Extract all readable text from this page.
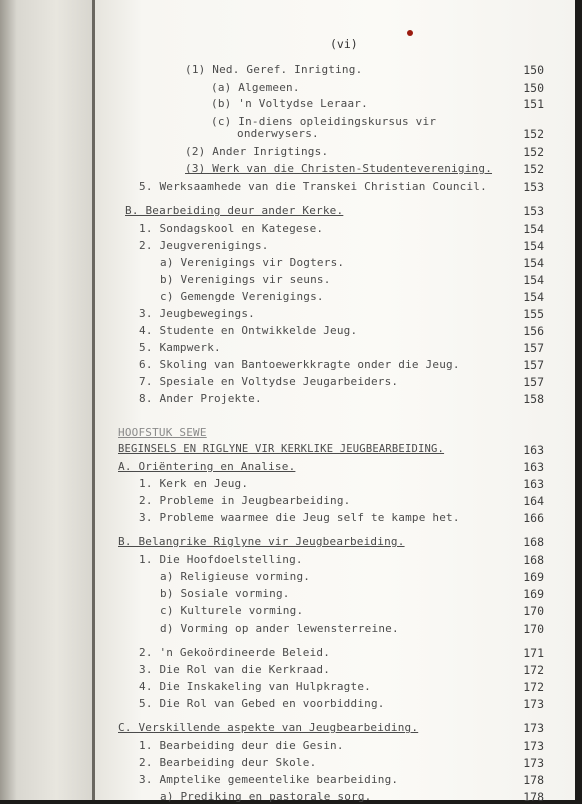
(vi)
(1) Ned. Geref. Inrigting.	150
(a) Algemeen.	150
(b) 'n Voltydse Leraar.	151
(c) In-diens opleidingskursus vir
onderwysers.	152
(2) Ander Inrigtings.	152
(3) Werk van die Christen-Studentevereniging.	152
5. Werksaamhede van die Transkei Christian Council.	153
B. Bearbeiding deur ander Kerke.	153
1. Sondagskool en Kategese.	154
2. Jeugverenigings.	154
a) Verenigings vir Dogters.	154
b) Verenigings vir seuns.	154
c) Gemengde Verenigings.	154
3. Jeugbewegings.	155
4. Studente en Ontwikkelde Jeug.	156
5. Kampwerk.	157
6. Skoling van Bantoewerkkragte onder die Jeug.	157
7. Spesiale en Voltydse Jeugarbeiders.	157
8. Ander Projekte.	158
HOOFSTUK SEWE
BEGINSELS EN RIGLYNE VIR KERKLIKE JEUGBEARBEIDING.	163
A. Oriëntering en Analise.	163
1. Kerk en Jeug.	163
2. Probleme in Jeugbearbeiding.	164
3. Probleme waarmee die Jeug self te kampe het.	166
B. Belangrike Riglyne vir Jeugbearbeiding.	168
1. Die Hoofdoelstelling.	168
a) Religieuse vorming.	169
b) Sosiale vorming.	169
c) Kulturele vorming.	170
d) Vorming op ander lewensterreine.	170
2. 'n Gekoördineerde Beleid.	171
3. Die Rol van die Kerkraad.	172
4. Die Inskakeling van Hulpkragte.	172
5. Die Rol van Gebed en voorbidding.	173
C. Verskillende aspekte van Jeugbearbeiding.	173
1. Bearbeiding deur die Gesin.	173
2. Bearbeiding deur Skole.	173
3. Amptelike gemeentelike bearbeiding.	178
a) Prediking en pastorale sorg.	178
